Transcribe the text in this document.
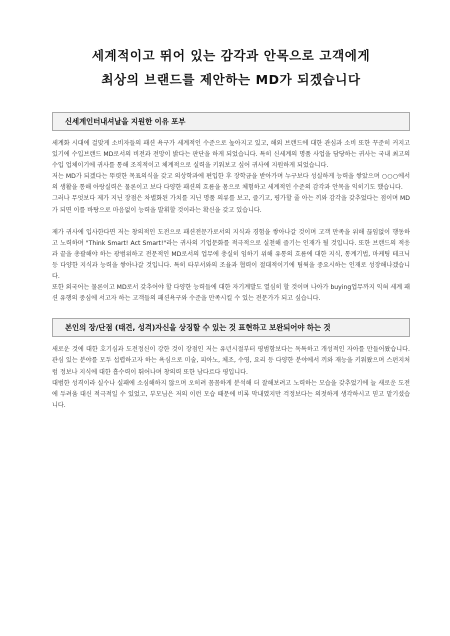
세계적이고 뛰어 있는 감각과 안목으로 고객에게
최상의 브랜드를 제안하는 MD가 되겠습니다
신세계인터내셔날을 지원한 이유 포부

세계화 시대에 걸맞게 소비자들의 패션 욕구가 세계적인 수준으로 높아지고 있고, 해외 브랜드에 대한 관심과 소비 또한 꾸준히 커지고 있기에 수입브랜드 MD로서의 비전과 전망이 밝다는 판단을 하게 되었습니다. 특히 신세계의 명품 사업을 담당하는 귀사는 국내 최고의 수입 업체이기에 귀사를 통해 조직적이고 체계적으로 실력을 키워보고 싶어 귀사에 지원하게 되었습니다.

저는 MD가 되겠다는 뚜렷한 목표의식을 갖고 의상학과에 편입한 후 장학금을 받아가며 누구보다 성실하게 능력을 쌓았으며 ○○○에서의 생활을 통해 아랑실력은 물론이고 보다 다양한 패션의 흐름을 몸으로 체험하고 세계적인 수준의 감각과 안목을 익히기도 했습니다.

그러나 무엇보다 제가 지닌 장점은 차별화된 가치를 지닌 명품 의류를 보고, 즐기고, 평가할 줄 아는 끼와 감각을 갖추었다는 점이며 MD가 되면 이를 바탕으로 마음없이 능력을 발휘할 것이라는 확신을 갖고 있습니다.

제가 귀사에 입사한다면 저는 창의적인 도전으로 패션전문가로서의 지식과 경험을 쌓아나갈 것이며 고객 만족을 위해 끊임없이 행동하고 노력하며 "Think Smart! Act Smart!"라는 귀사의 기업문화를 적극적으로 실천해 즐기는 인재가 될 것입니다. 또한 브랜드의 적응과 끝을 총괄해야 하는 광범위하고 전문적인 MD로서의 업무에 충실히 임하기 위해 유통의 흐름에 대한 지식, 통계기법, 마케팅 테크닉 등 다양한 지식과 능력을 쌓아나갈 것입니다. 특히 타부서와의 조율과 협력이 절대적이기에 팀웍을 중요시하는 인재로 성장해나겠습니다.

또한 외국어는 물론이고 MD로서 갖추어야 할 다양한 능력들에 대한 자기계발도 열심히 할 것이며 나아가 buying업무까지 익혀 세계 패션 유행의 중심에 서고자 하는 고객들의 패션욕구와 수준을 만족시킬 수 있는 전문가가 되고 싶습니다.

본인의 장/단점 (태견, 성격)자신을 상징할 수 있는 것 표현하고 보완되어야 하는 것

새로운 것에 대한 호기심과 도전정신이 강한 것이 장점인 저는 유년시절부터 평범함보다는 독특하고 개성적인 자아를 만들어왔습니다. 관심 있는 분야를 모두 섭렵하고자 하는 욕심으로 미술, 피아노, 체조, 수영, 요리 등 다양한 분야에서 끼와 재능을 키워왔으며 스펀지처럼 정보나 지식에 대한 흡수력이 뛰어나며 창의력 또한 남다르다 평입니다.

대범한 성격이라 실수나 실패에 소심해하지 않으며 오히려 꼼꼼하게 분석해 더 잘해보려고 노력하는 모습을 갖추었기에 늘 새로운 도전에 두려움 대신 적극적일 수 있었고, 부모님은 저의 이런 모습 때문에 비록 막내였지만 걱정보다는 의젓하게 생각하시고 믿고 맡기셨습니다.
